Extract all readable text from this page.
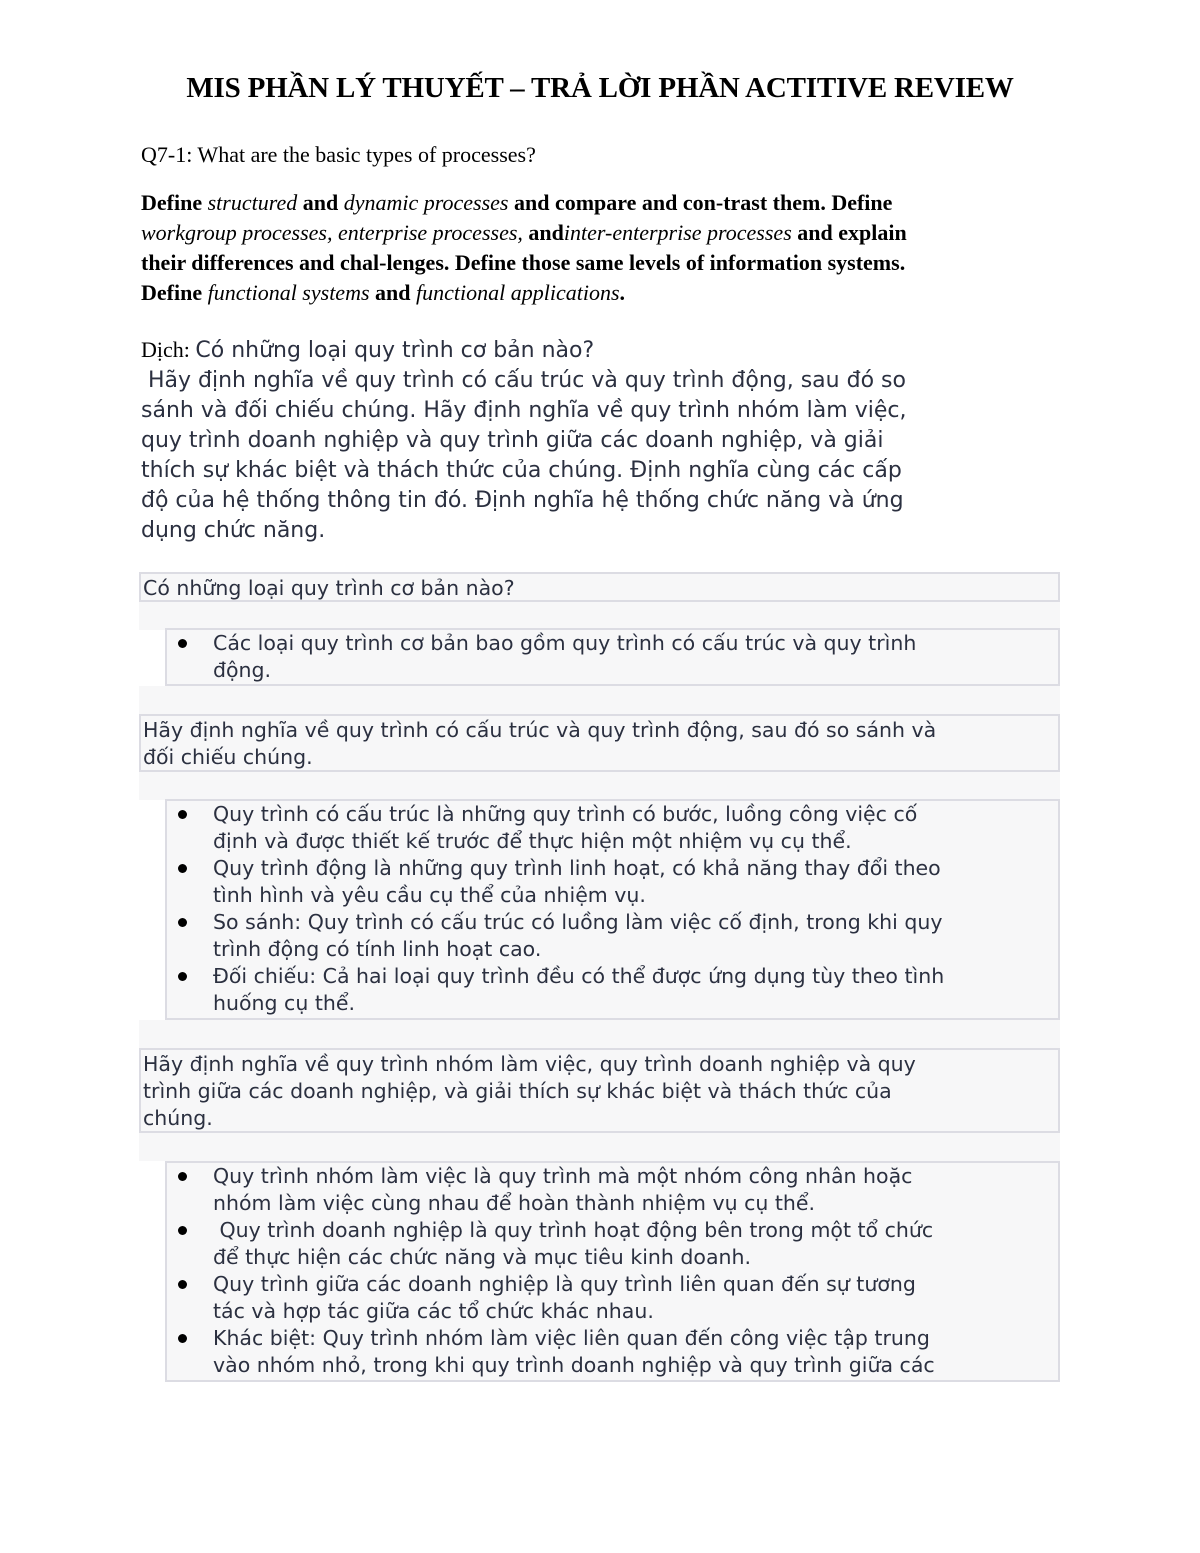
MIS PHẦN LÝ THUYẾT – TRẢ LỜI PHẦN ACTITIVE REVIEW
Q7-1: What are the basic types of processes?
Define structured and dynamic processes and compare and con-trast them. Define
workgroup processes, enterprise processes, andinter-enterprise processes and explain
their differences and chal-lenges. Define those same levels of information systems.
Define functional systems and functional applications.
Dịch: Có những loại quy trình cơ bản nào?
Hãy định nghĩa về quy trình có cấu trúc và quy trình động, sau đó so
sánh và đối chiếu chúng. Hãy định nghĩa về quy trình nhóm làm việc,
quy trình doanh nghiệp và quy trình giữa các doanh nghiệp, và giải
thích sự khác biệt và thách thức của chúng. Định nghĩa cùng các cấp
độ của hệ thống thông tin đó. Định nghĩa hệ thống chức năng và ứng
dụng chức năng.
Có những loại quy trình cơ bản nào?
Các loại quy trình cơ bản bao gồm quy trình có cấu trúc và quy trình
động.
Hãy định nghĩa về quy trình có cấu trúc và quy trình động, sau đó so sánh và
đối chiếu chúng.
Quy trình có cấu trúc là những quy trình có bước, luồng công việc cố
định và được thiết kế trước để thực hiện một nhiệm vụ cụ thể.
Quy trình động là những quy trình linh hoạt, có khả năng thay đổi theo
tình hình và yêu cầu cụ thể của nhiệm vụ.
So sánh: Quy trình có cấu trúc có luồng làm việc cố định, trong khi quy
trình động có tính linh hoạt cao.
Đối chiếu: Cả hai loại quy trình đều có thể được ứng dụng tùy theo tình
huống cụ thể.
Hãy định nghĩa về quy trình nhóm làm việc, quy trình doanh nghiệp và quy
trình giữa các doanh nghiệp, và giải thích sự khác biệt và thách thức của
chúng.
Quy trình nhóm làm việc là quy trình mà một nhóm công nhân hoặc
nhóm làm việc cùng nhau để hoàn thành nhiệm vụ cụ thể.
Quy trình doanh nghiệp là quy trình hoạt động bên trong một tổ chức
để thực hiện các chức năng và mục tiêu kinh doanh.
Quy trình giữa các doanh nghiệp là quy trình liên quan đến sự tương
tác và hợp tác giữa các tổ chức khác nhau.
Khác biệt: Quy trình nhóm làm việc liên quan đến công việc tập trung
vào nhóm nhỏ, trong khi quy trình doanh nghiệp và quy trình giữa các
